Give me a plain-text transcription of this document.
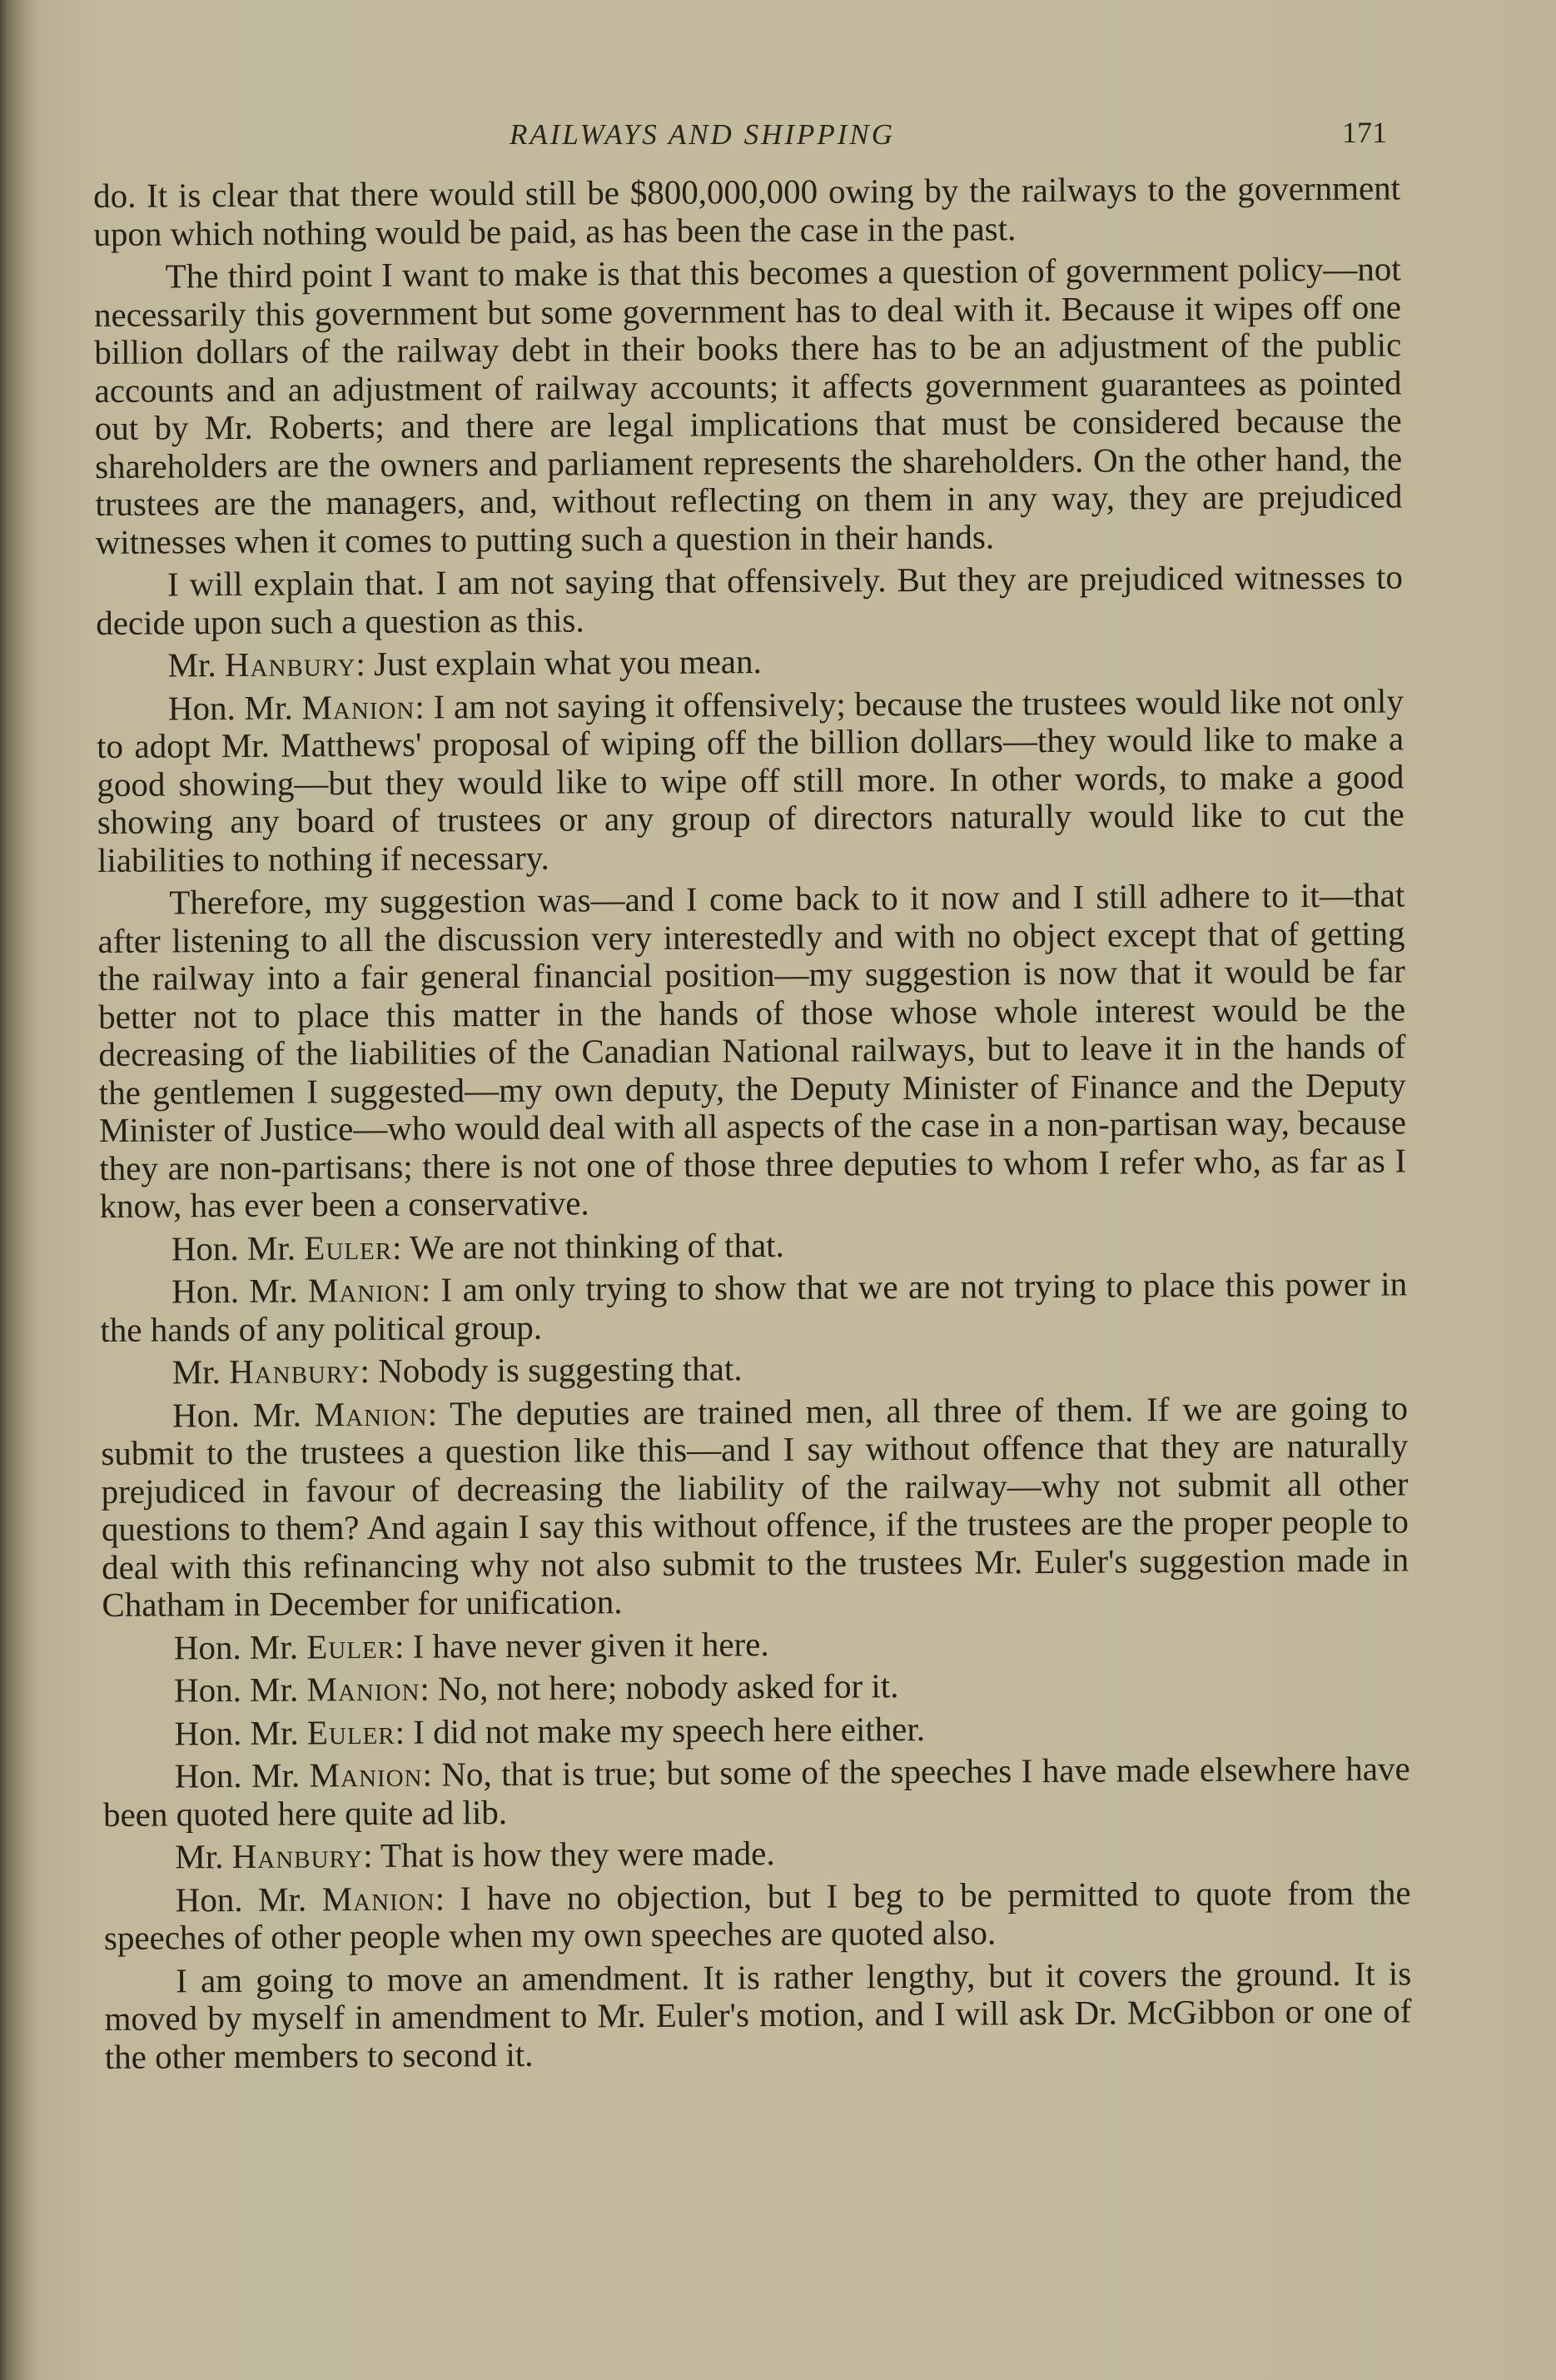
RAILWAYS AND SHIPPING	171

do. It is clear that there would still be $800,000,000 owing by the railways to the government upon which nothing would be paid, as has been the case in the past.

The third point I want to make is that this becomes a question of government policy—not necessarily this government but some government has to deal with it. Because it wipes off one billion dollars of the railway debt in their books there has to be an adjustment of the public accounts and an adjustment of railway accounts; it affects government guarantees as pointed out by Mr. Roberts; and there are legal implications that must be considered because the shareholders are the owners and parliament represents the shareholders. On the other hand, the trustees are the managers, and, without reflecting on them in any way, they are prejudiced witnesses when it comes to putting such a question in their hands.

I will explain that. I am not saying that offensively. But they are prejudiced witnesses to decide upon such a question as this.

Mr. Hanbury: Just explain what you mean.

Hon. Mr. Manion: I am not saying it offensively; because the trustees would like not only to adopt Mr. Matthews' proposal of wiping off the billion dollars—they would like to make a good showing—but they would like to wipe off still more. In other words, to make a good showing any board of trustees or any group of directors naturally would like to cut the liabilities to nothing if necessary.

Therefore, my suggestion was—and I come back to it now and I still adhere to it—that after listening to all the discussion very interestedly and with no object except that of getting the railway into a fair general financial position—my suggestion is now that it would be far better not to place this matter in the hands of those whose whole interest would be the decreasing of the liabilities of the Canadian National railways, but to leave it in the hands of the gentlemen I suggested—my own deputy, the Deputy Minister of Finance and the Deputy Minister of Justice—who would deal with all aspects of the case in a non-partisan way, because they are non-partisans; there is not one of those three deputies to whom I refer who, as far as I know, has ever been a conservative.

Hon. Mr. Euler: We are not thinking of that.

Hon. Mr. Manion: I am only trying to show that we are not trying to place this power in the hands of any political group.

Mr. Hanbury: Nobody is suggesting that.

Hon. Mr. Manion: The deputies are trained men, all three of them. If we are going to submit to the trustees a question like this—and I say without offence that they are naturally prejudiced in favour of decreasing the liability of the railway—why not submit all other questions to them? And again I say this without offence, if the trustees are the proper people to deal with this refinancing why not also submit to the trustees Mr. Euler's suggestion made in Chatham in December for unification.

Hon. Mr. Euler: I have never given it here.

Hon. Mr. Manion: No, not here; nobody asked for it.

Hon. Mr. Euler: I did not make my speech here either.

Hon. Mr. Manion: No, that is true; but some of the speeches I have made elsewhere have been quoted here quite ad lib.

Mr. Hanbury: That is how they were made.

Hon. Mr. Manion: I have no objection, but I beg to be permitted to quote from the speeches of other people when my own speeches are quoted also.

I am going to move an amendment. It is rather lengthy, but it covers the ground. It is moved by myself in amendment to Mr. Euler's motion, and I will ask Dr. McGibbon or one of the other members to second it.
